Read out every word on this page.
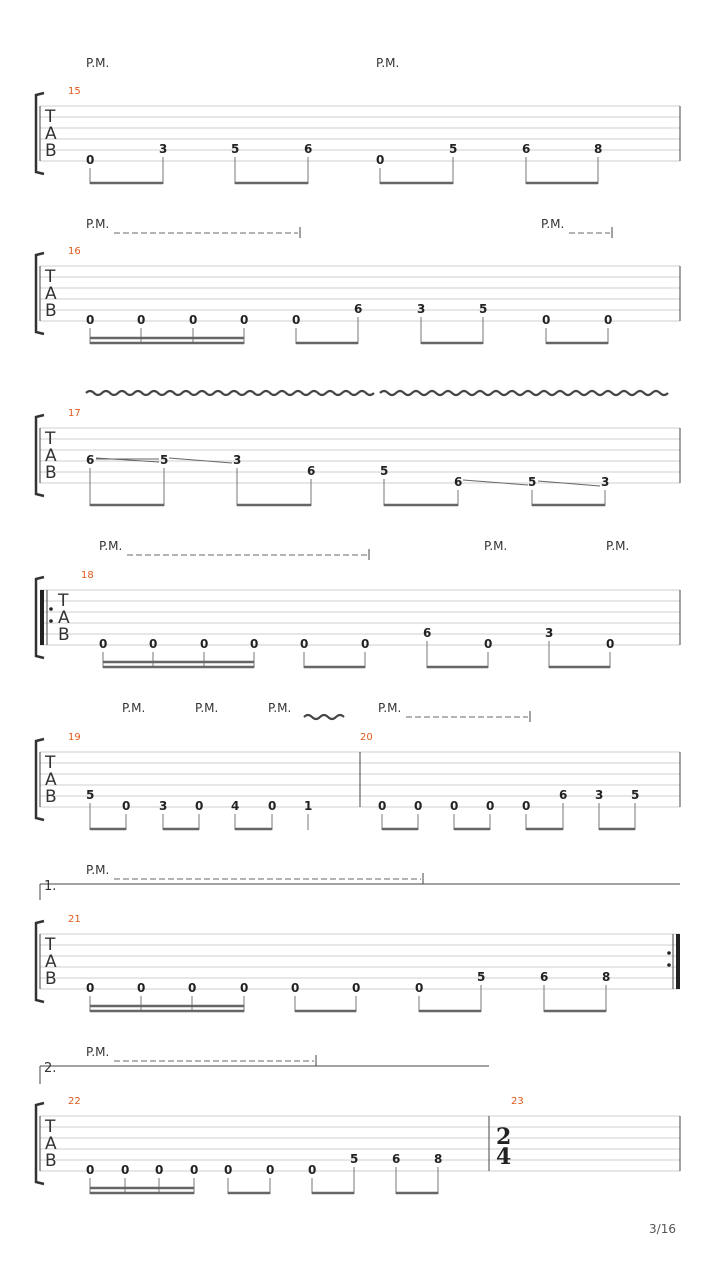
P.M.	P.M.
15
T
A
B 0
3	5	6
0
5	6	8
P.M.	P.M.
16
T
A
B 0	0	0	0	0
6	3	5
0	0
17
T
A
B
6	5	3
6	5
6	5	3
P.M.	P.M.	P.M.
18
T
A
B 0	0	0	0	0	0
6
0
3
0
P.M.	P.M.	P.M.	P.M.
19	20
T
A
B 5
0 3 0 4 0 1	0 0 0 0 0
6 3 5
1.
P.M.
21
T
A
B 0	0	0	0	0	0	0
5	6	8
2.
P.M.
22	23
T
A
B
2
4
0 0 0 0 0	0	0
5	6	8
3/16
